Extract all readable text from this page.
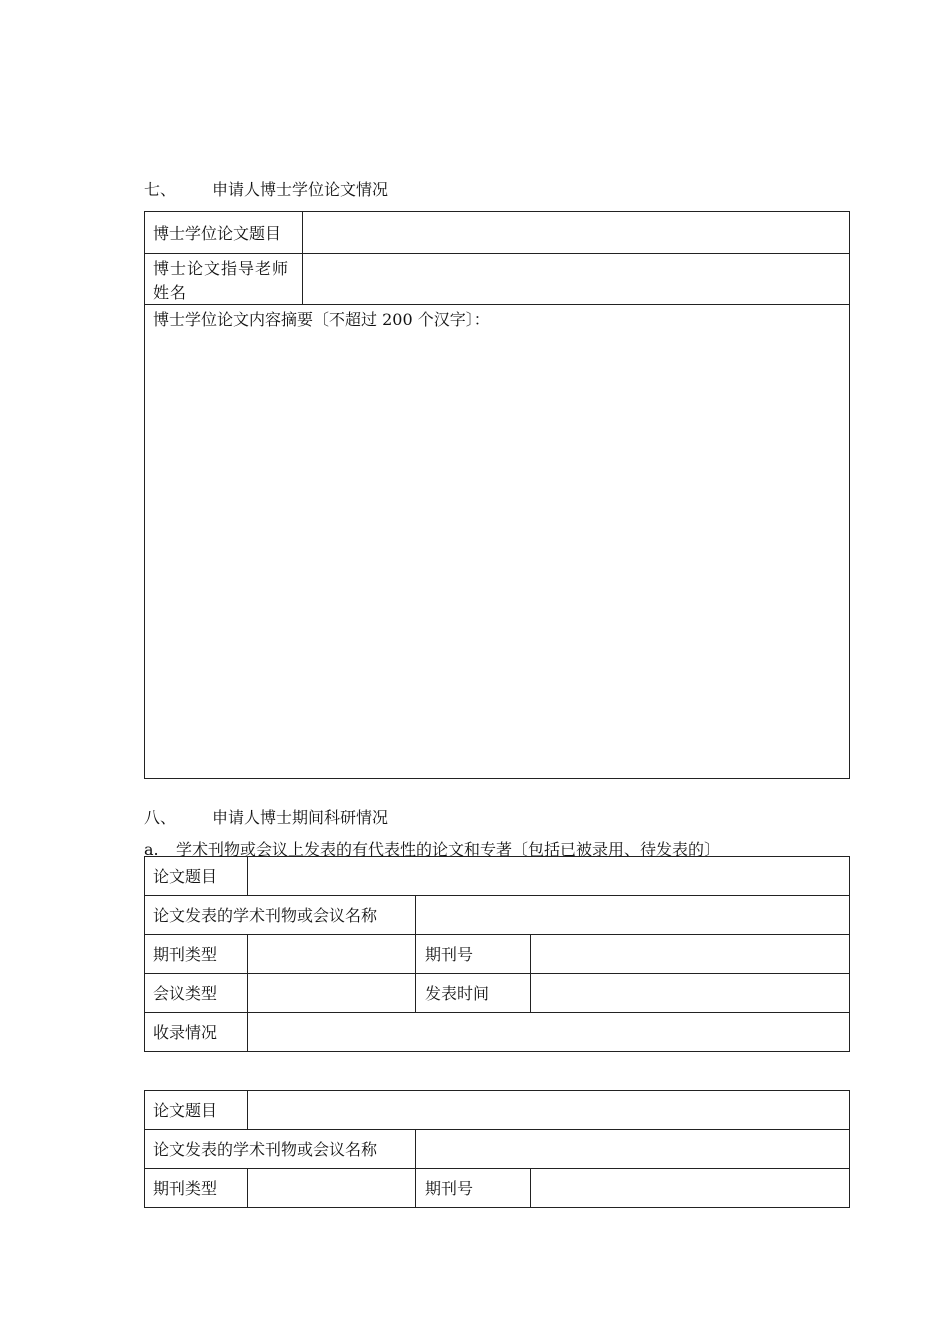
七、 申请人博士学位论文情况
博士学位论文题目
博士论文指导老师姓名
博士学位论文内容摘要〔不超过 200 个汉字〕：
八、 申请人博士期间科研情况
a. 学术刊物或会议上发表的有代表性的论文和专著〔包括已被录用、待发表的〕
论文题目
论文发表的学术刊物或会议名称
期刊类型	期刊号
会议类型	发表时间
收录情况
论文题目
论文发表的学术刊物或会议名称
期刊类型	期刊号
